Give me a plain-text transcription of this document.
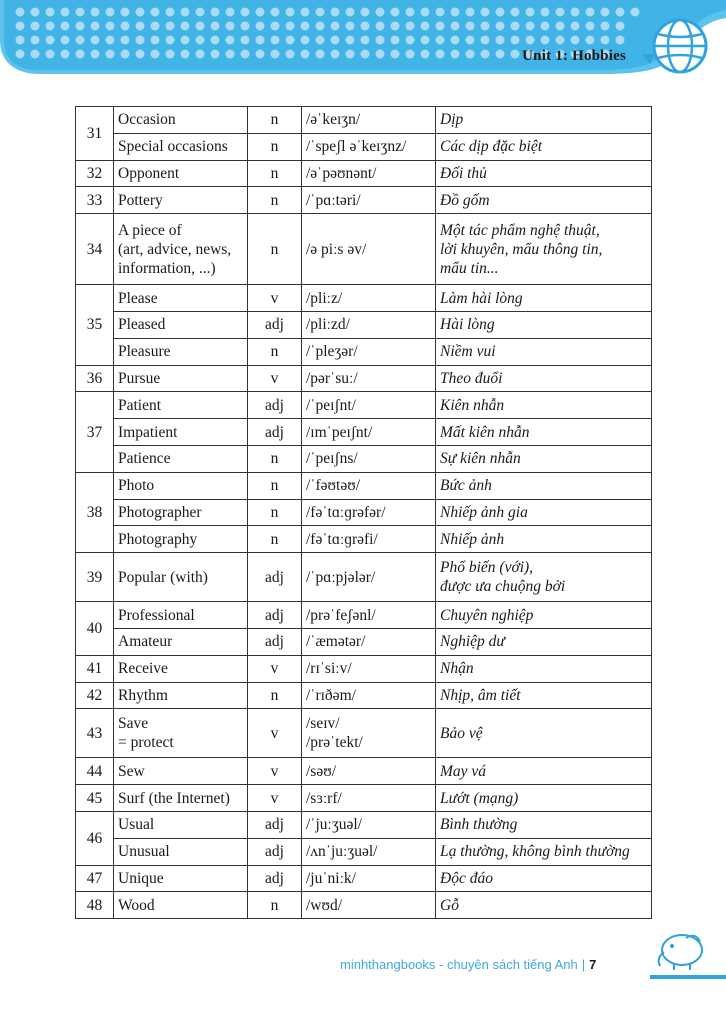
Unit 1: Hobbies
31	Occasion	n	/əˈkeɪʒn/	Dịp
	Special occasions	n	/ˈspeʃl əˈkeɪʒnz/	Các dịp đặc biệt
32	Opponent	n	/əˈpəʊnənt/	Đối thủ
33	Pottery	n	/ˈpɑːtəri/	Đồ gốm
34	A piece of
(art, advice, news,
information, ...)	n	/ə piːs əv/	Một tác phẩm nghệ thuật,
lời khuyên, mẩu thông tin,
mẩu tin...
35	Please	v	/pliːz/	Làm hài lòng
	Pleased	adj	/pliːzd/	Hài lòng
	Pleasure	n	/ˈpleʒər/	Niềm vui
36	Pursue	v	/pərˈsuː/	Theo đuổi
37	Patient	adj	/ˈpeɪʃnt/	Kiên nhẫn
	Impatient	adj	/ɪmˈpeɪʃnt/	Mất kiên nhẫn
	Patience	n	/ˈpeɪʃns/	Sự kiên nhẫn
38	Photo	n	/ˈfəʊtəʊ/	Bức ảnh
	Photographer	n	/fəˈtɑːɡrəfər/	Nhiếp ảnh gia
	Photography	n	/fəˈtɑːɡrəfi/	Nhiếp ảnh
39	Popular (with)	adj	/ˈpɑːpjələr/	Phổ biến (với),
được ưa chuộng bởi
40	Professional	adj	/prəˈfeʃənl/	Chuyên nghiệp
	Amateur	adj	/ˈæmətər/	Nghiệp dư
41	Receive	v	/rɪˈsiːv/	Nhận
42	Rhythm	n	/ˈrɪðəm/	Nhịp, âm tiết
43	Save
= protect	v	/seɪv/
/prəˈtekt/	Bảo vệ
44	Sew	v	/səʊ/	May vá
45	Surf (the Internet)	v	/sɜːrf/	Lướt (mạng)
46	Usual	adj	/ˈjuːʒuəl/	Bình thường
	Unusual	adj	/ʌnˈjuːʒuəl/	Lạ thường, không bình thường
47	Unique	adj	/juˈniːk/	Độc đáo
48	Wood	n	/wʊd/	Gỗ
minhthangbooks - chuyên sách tiếng Anh | 7
